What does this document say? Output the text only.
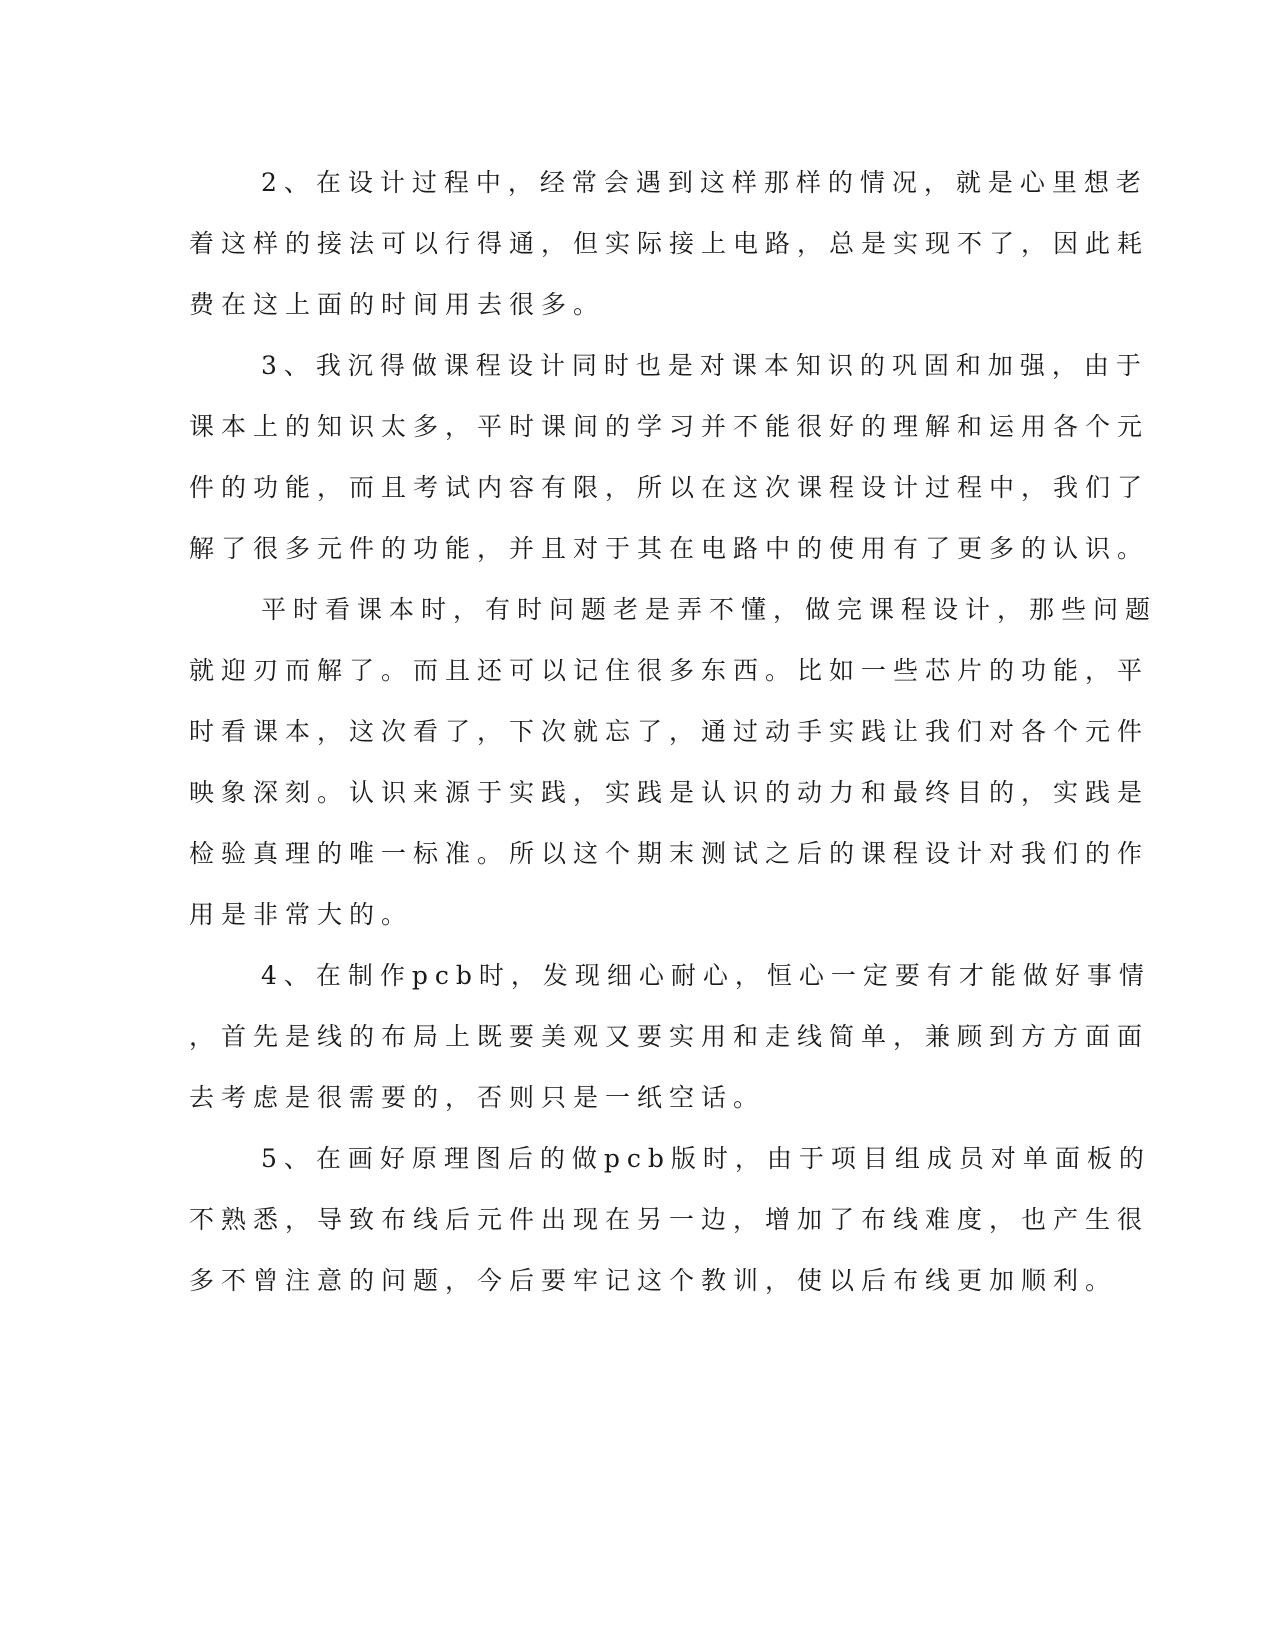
2、在设计过程中，经常会遇到这样那样的情况，就是心里想老
着这样的接法可以行得通，但实际接上电路，总是实现不了，因此耗
费在这上面的时间用去很多。
3、我沉得做课程设计同时也是对课本知识的巩固和加强，由于
课本上的知识太多，平时课间的学习并不能很好的理解和运用各个元
件的功能，而且考试内容有限，所以在这次课程设计过程中，我们了
解了很多元件的功能，并且对于其在电路中的使用有了更多的认识。
平时看课本时，有时问题老是弄不懂，做完课程设计，那些问题
就迎刃而解了。而且还可以记住很多东西。比如一些芯片的功能，平
时看课本，这次看了，下次就忘了，通过动手实践让我们对各个元件
映象深刻。认识来源于实践，实践是认识的动力和最终目的，实践是
检验真理的唯一标准。所以这个期末测试之后的课程设计对我们的作
用是非常大的。
4、在制作pcb时，发现细心耐心，恒心一定要有才能做好事情
，首先是线的布局上既要美观又要实用和走线简单，兼顾到方方面面
去考虑是很需要的，否则只是一纸空话。
5、在画好原理图后的做pcb版时，由于项目组成员对单面板的
不熟悉，导致布线后元件出现在另一边，增加了布线难度，也产生很
多不曾注意的问题，今后要牢记这个教训，使以后布线更加顺利。
